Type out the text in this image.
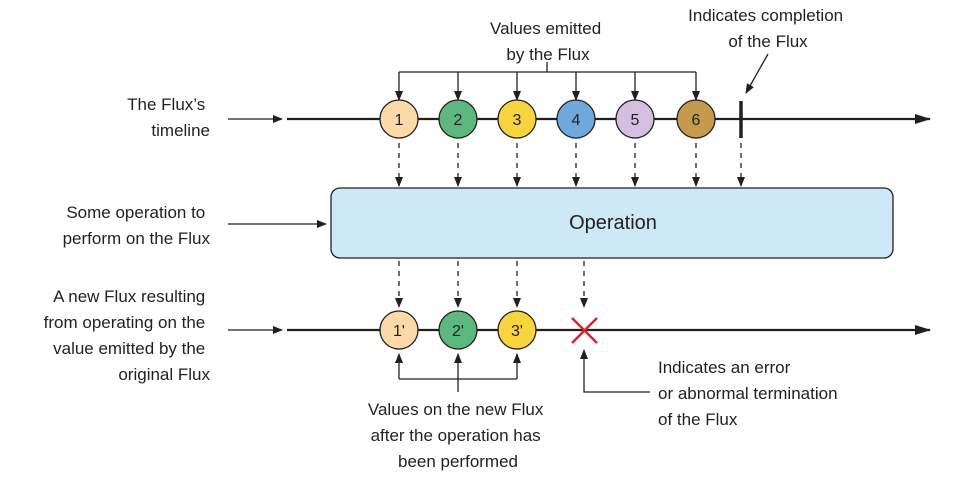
Values emitted by the Flux
Indicates completion of the Flux
The Flux’s timeline
1	2	3	4	5	6
Some operation to perform on the Flux
Operation
A new Flux resulting from operating on the value emitted by the original Flux
1'	2'	3'
Values on the new Flux after the operation has been performed
Indicates an error or abnormal termination of the Flux
